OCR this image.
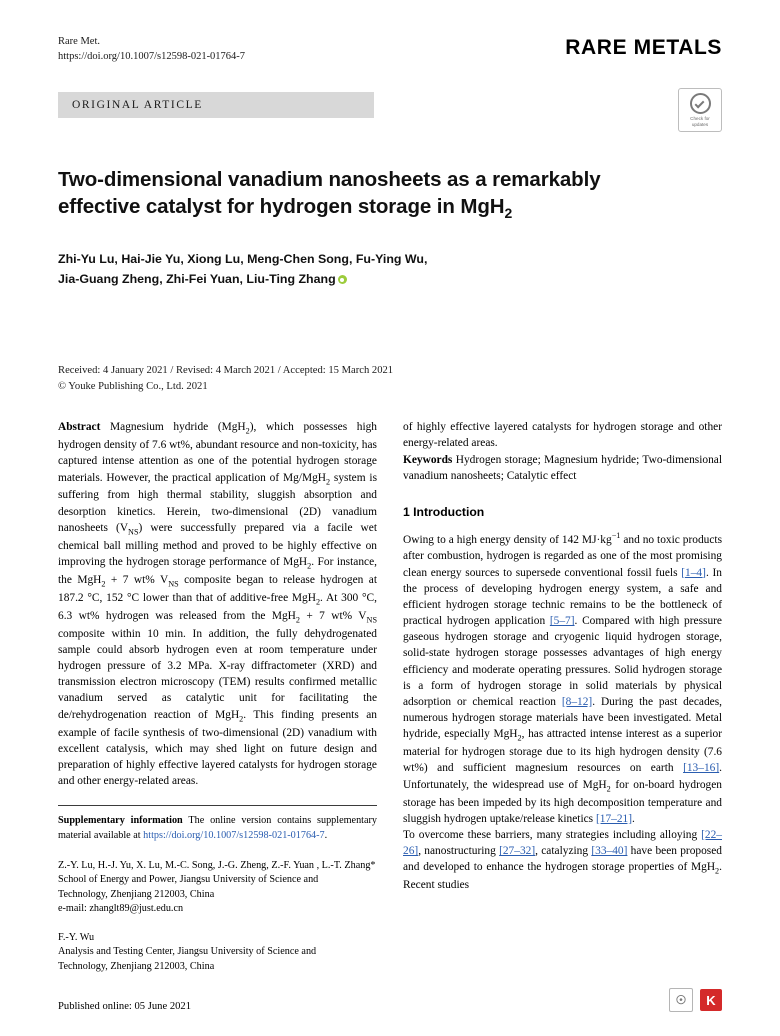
Rare Met.
https://doi.org/10.1007/s12598-021-01764-7	RARE METALS
ORIGINAL ARTICLE
Check for
updates
Two-dimensional vanadium nanosheets as a remarkably
effective catalyst for hydrogen storage in MgH$_2$
Zhi-Yu Lu, Hai-Jie Yu, Xiong Lu, Meng-Chen Song, Fu-Ying Wu,
Jia-Guang Zheng, Zhi-Fei Yuan, Liu-Ting Zhang
Received: 4 January 2021 / Revised: 4 March 2021 / Accepted: 15 March 2021
© Youke Publishing Co., Ltd. 2021

Abstract Magnesium hydride (MgH$_2$), which possesses high hydrogen density of 7.6 wt%, abundant resource and non-toxicity, has captured intense attention as one of the potential hydrogen storage materials. However, the practical application of Mg/MgH$_2$ system is suffering from high thermal stability, sluggish absorption and desorption kinetics. Herein, two-dimensional (2D) vanadium nanosheets $(V_{NS})$ were successfully prepared via a facile wet chemical ball milling method and proved to be highly effective on improving the hydrogen storage performance of MgH$_2$. For instance, the MgH$_2$ + 7 wt% $V_{NS}$ composite began to release hydrogen at 187.2 °C, 152 °C lower than that of additive-free MgH$_2$. At 300 °C, 6.3 wt% hydrogen was released from the MgH$_2$ + 7 wt% $V_{NS}$ composite within 10 min. In addition, the fully dehydrogenated sample could absorb hydrogen even at room temperature under hydrogen pressure of 3.2 MPa. X-ray diffractometer (XRD) and transmission electron microscopy (TEM) results confirmed metallic vanadium served as catalytic unit for facilitating the de/rehydrogenation reaction of MgH$_2$. This finding presents an example of facile synthesis of two-dimensional (2D) vanadium with excellent catalysis, which may shed light on future design and preparation of highly effective layered catalysts for hydrogen storage and other energy-related areas.

Supplementary information The online version contains supplementary material available at https://doi.org/10.1007/s12598-021-01764-7.
Z.-Y. Lu, H.-J. Yu, X. Lu, M.-C. Song, J.-G. Zheng, Z.-F. Yuan , L.-T. Zhang*
School of Energy and Power, Jiangsu University of Science and
Technology, Zhenjiang 212003, China
e-mail: zhanglt89@just.edu.cn
F.-Y. Wu
Analysis and Testing Center, Jiangsu University of Science and
Technology, Zhenjiang 212003, China

of highly effective layered catalysts for hydrogen storage and other energy-related areas.

Keywords Hydrogen storage; Magnesium hydride; Two-dimensional vanadium nanosheets; Catalytic effect

1 Introduction

Owing to a high energy density of 142 $MJ\cdot kg^{-1}$ and no toxic products after combustion, hydrogen is regarded as one of the most promising clean energy sources to supersede conventional fossil fuels [1–4]. In the process of developing hydrogen energy system, a safe and efficient hydrogen storage technic remains to be the bottleneck of practical hydrogen application [5–7]. Compared with high pressure gaseous hydrogen storage and cryogenic liquid hydrogen storage, solid-state hydrogen storage possesses advantages of high energy efficiency and moderate operating pressures. Solid hydrogen storage is a form of hydrogen storage in solid materials by physical adsorption or chemical reaction [8–12]. During the past decades, numerous hydrogen storage materials have been investigated. Metal hydride, especially MgH$_2$, has attracted intense interest as a superior material for hydrogen storage due to its high hydrogen density (7.6 wt%) and sufficient magnesium resources on earth [13–16]. Unfortunately, the widespread use of MgH$_2$ for on-board hydrogen storage has been impeded by its high decomposition temperature and sluggish hydrogen uptake/release kinetics [17–21].

To overcome these barriers, many strategies including alloying [22–26], nanostructuring [27–32], catalyzing [33–40] have been proposed and developed to enhance the hydrogen storage properties of MgH$_2$. Recent studies

Published online: 05 June 2021	☉	K
